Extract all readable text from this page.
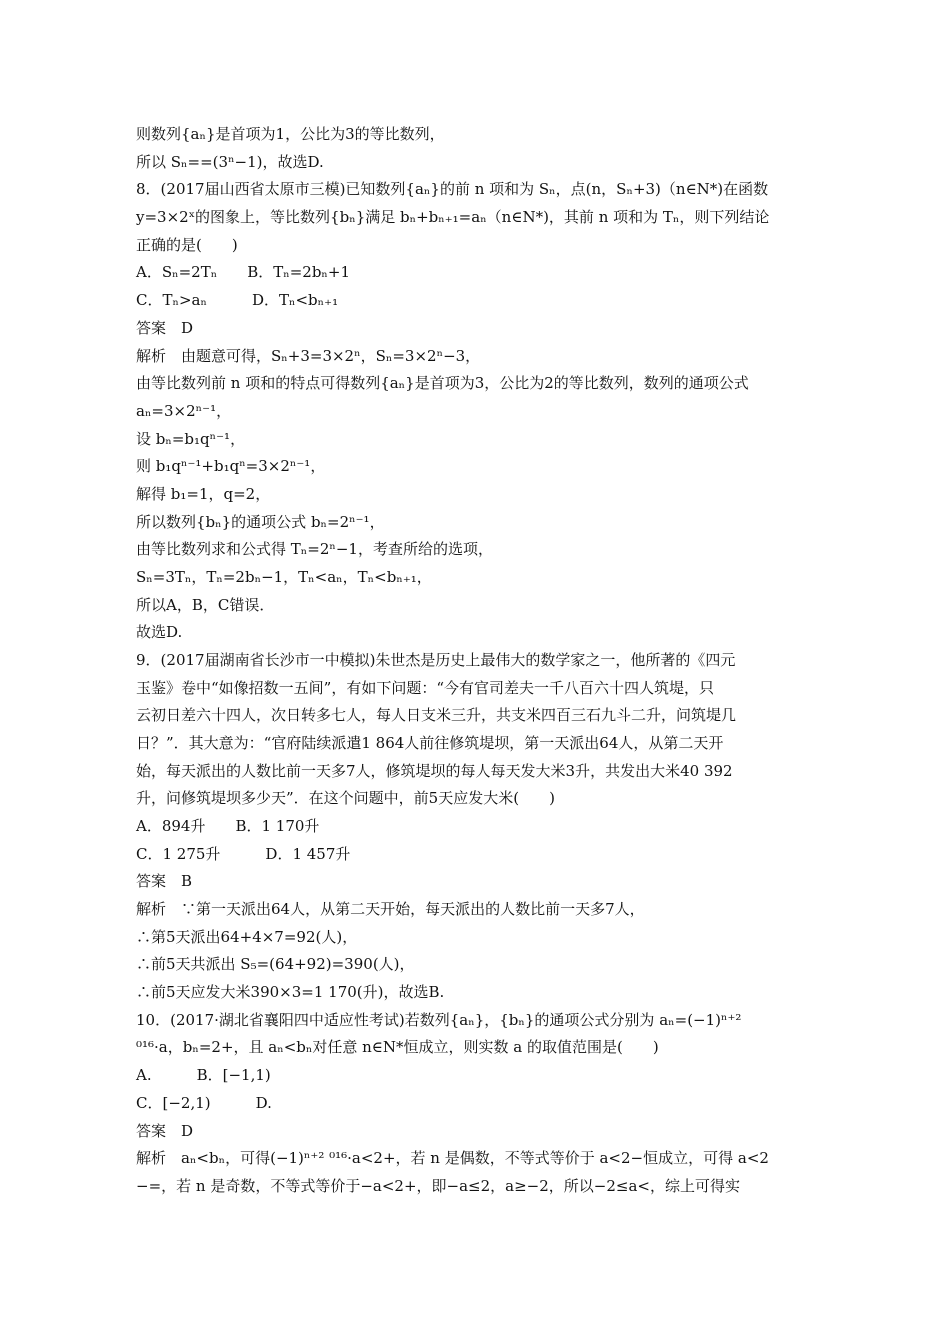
则数列{aₙ}是首项为1，公比为3的等比数列，
所以 Sₙ==(3ⁿ−1)，故选D.
8．(2017届山西省太原市三模)已知数列{aₙ}的前 n 项和为 Sₙ，点(n，Sₙ+3)（n∈N*)在函数
y=3×2ˣ的图象上，等比数列{bₙ}满足 bₙ+bₙ₊₁=aₙ（n∈N*)，其前 n 项和为 Tₙ，则下列结论
正确的是(　　)
A．Sₙ=2Tₙ　　B．Tₙ=2bₙ+1
C．Tₙ>aₙ　　　D．Tₙ<bₙ₊₁
答案　D
解析　由题意可得，Sₙ+3=3×2ⁿ，Sₙ=3×2ⁿ−3，
由等比数列前 n 项和的特点可得数列{aₙ}是首项为3，公比为2的等比数列，数列的通项公式
aₙ=3×2ⁿ⁻¹，
设 bₙ=b₁qⁿ⁻¹，
则 b₁qⁿ⁻¹+b₁qⁿ=3×2ⁿ⁻¹，
解得 b₁=1，q=2，
所以数列{bₙ}的通项公式 bₙ=2ⁿ⁻¹，
由等比数列求和公式得 Tₙ=2ⁿ−1，考查所给的选项，
Sₙ=3Tₙ，Tₙ=2bₙ−1，Tₙ<aₙ，Tₙ<bₙ₊₁，
所以A，B，C错误．
故选D.
9．(2017届湖南省长沙市一中模拟)朱世杰是历史上最伟大的数学家之一，他所著的《四元
玉鉴》卷中“如像招数一五间”，有如下问题：“今有官司差夫一千八百六十四人筑堤，只
云初日差六十四人，次日转多七人，每人日支米三升，共支米四百三石九斗二升，问筑堤几
日？”．其大意为：“官府陆续派遣1 864人前往修筑堤坝，第一天派出64人，从第二天开
始，每天派出的人数比前一天多7人，修筑堤坝的每人每天发大米3升，共发出大米40 392
升，问修筑堤坝多少天”．在这个问题中，前5天应发大米(　　)
A．894升　　B．1 170升
C．1 275升　　　D．1 457升
答案　B
解析　∵第一天派出64人，从第二天开始，每天派出的人数比前一天多7人，
∴第5天派出64+4×7=92(人)，
∴前5天共派出 S₅=(64+92)=390(人)，
∴前5天应发大米390×3=1 170(升)，故选B.
10．(2017·湖北省襄阳四中适应性考试)若数列{aₙ}，{bₙ}的通项公式分别为 aₙ=(−1)ⁿ⁺²
⁰¹⁶·a，bₙ=2+，且 aₙ<bₙ对任意 n∈N*恒成立，则实数 a 的取值范围是(　　)
A.　　　B．[−1,1)
C．[−2,1)　　　D.
答案　D
解析　aₙ<bₙ，可得(−1)ⁿ⁺² ⁰¹⁶·a<2+，若 n 是偶数，不等式等价于 a<2−恒成立，可得 a<2
−=，若 n 是奇数，不等式等价于−a<2+，即−a≤2，a≥−2，所以−2≤a<，综上可得实
